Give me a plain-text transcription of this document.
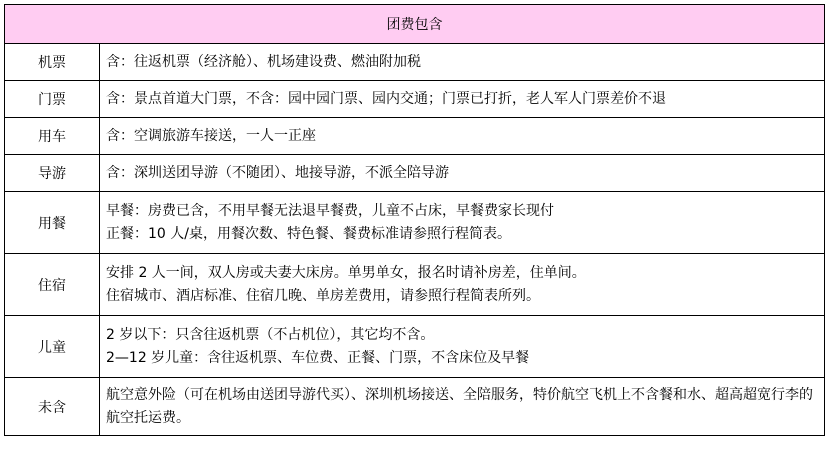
团费包含	
机票	含：往返机票（经济舱）、机场建设费、燃油附加税

门票	含：景点首道大门票，不含：园中园门票、园内交通；门票已打折，老人军人门票差价不退

用车	含：空调旅游车接送，一人一正座

导游	含：深圳送团导游（不随团）、地接导游，不派全陪导游

用餐	早餐：房费已含，不用早餐无法退早餐费，儿童不占床，早餐费家长现付
正餐：10 人/桌，用餐次数、特色餐、餐费标准请参照行程简表。

住宿	安排 2 人一间，双人房或夫妻大床房。单男单女，报名时请补房差，住单间。
住宿城市、酒店标准、住宿几晚、单房差费用，请参照行程简表所列。

儿童	2 岁以下：只含往返机票（不占机位），其它均不含。
2—12 岁儿童：含往返机票、车位费、正餐、门票，不含床位及早餐

未含	航空意外险（可在机场由送团导游代买）、深圳机场接送、全陪服务，特价航空飞机上不含餐和水、超高超宽行李的航空托运费。
